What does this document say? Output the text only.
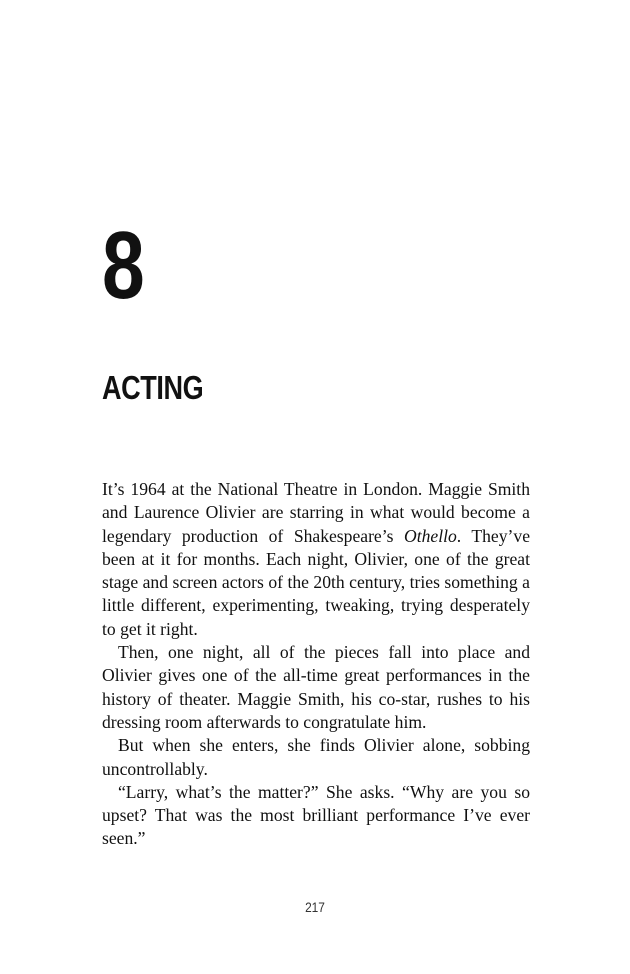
8
ACTING

It’s 1964 at the National Theatre in London. Maggie Smith and Laurence Olivier are starring in what would become a legendary production of Shakespeare’s Othello. They’ve been at it for months. Each night, Olivier, one of the great stage and screen actors of the 20th century, tries something a little different, experimenting, tweaking, trying desperately to get it right.

Then, one night, all of the pieces fall into place and Olivier gives one of the all-time great performances in the history of theater. Maggie Smith, his co-star, rushes to his dressing room afterwards to congratulate him.

But when she enters, she finds Olivier alone, sobbing uncontrollably.

“Larry, what’s the matter?” She asks. “Why are you so upset? That was the most brilliant performance I’ve ever seen.”

217
